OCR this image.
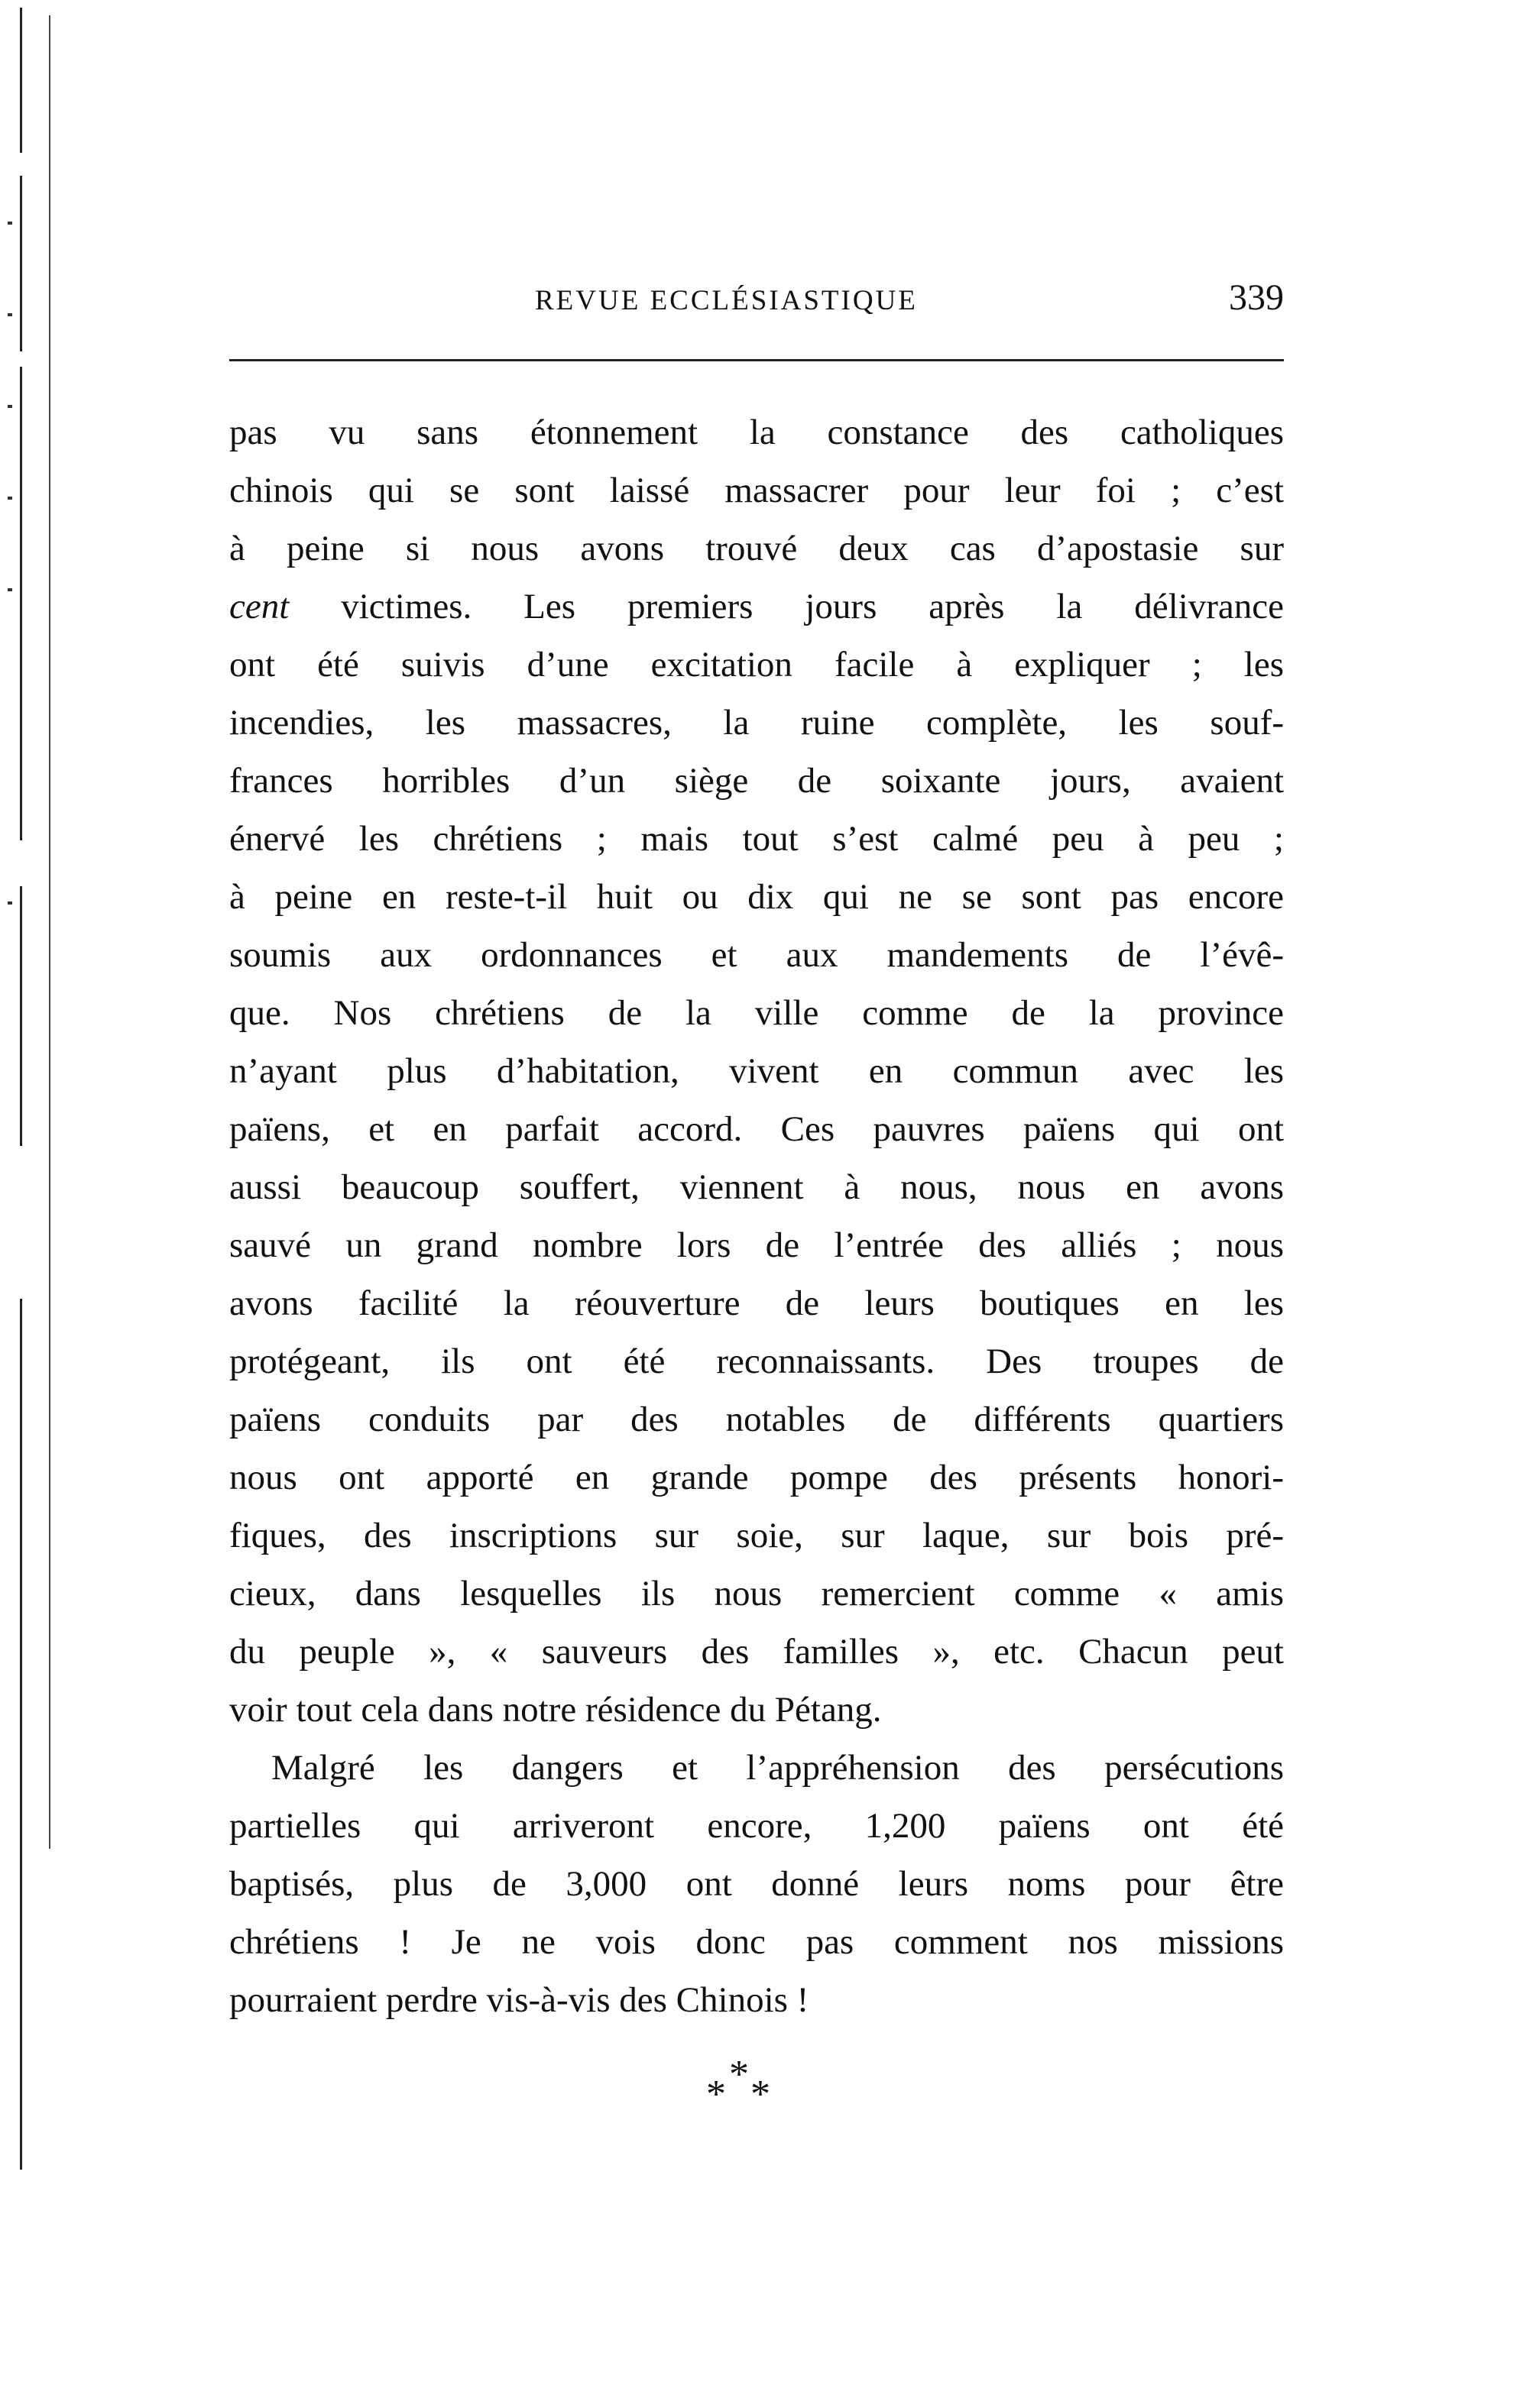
REVUE ECCLÉSIASTIQUE	339
pas vu sans étonnement la constance des catholiques
chinois qui se sont laissé massacrer pour leur foi ; c’est
à peine si nous avons trouvé deux cas d’apostasie sur
cent victimes. Les premiers jours après la délivrance
ont été suivis d’une excitation facile à expliquer ; les
incendies, les massacres, la ruine complète, les souf-
frances horribles d’un siège de soixante jours, avaient
énervé les chrétiens ; mais tout s’est calmé peu à peu ;
à peine en reste-t-il huit ou dix qui ne se sont pas encore
soumis aux ordonnances et aux mandements de l’évê-
que. Nos chrétiens de la ville comme de la province
n’ayant plus d’habitation, vivent en commun avec les
païens, et en parfait accord. Ces pauvres païens qui ont
aussi beaucoup souffert, viennent à nous, nous en avons
sauvé un grand nombre lors de l’entrée des alliés ; nous
avons facilité la réouverture de leurs boutiques en les
protégeant, ils ont été reconnaissants. Des troupes de
païens conduits par des notables de différents quartiers
nous ont apporté en grande pompe des présents honori-
fiques, des inscriptions sur soie, sur laque, sur bois pré-
cieux, dans lesquelles ils nous remercient comme « amis
du peuple », « sauveurs des familles », etc. Chacun peut
voir tout cela dans notre résidence du Pétang.
Malgré les dangers et l’appréhension des persécutions
partielles qui arriveront encore, 1,200 païens ont été
baptisés, plus de 3,000 ont donné leurs noms pour être
chrétiens ! Je ne vois donc pas comment nos missions
pourraient perdre vis-à-vis des Chinois !
*
* *
